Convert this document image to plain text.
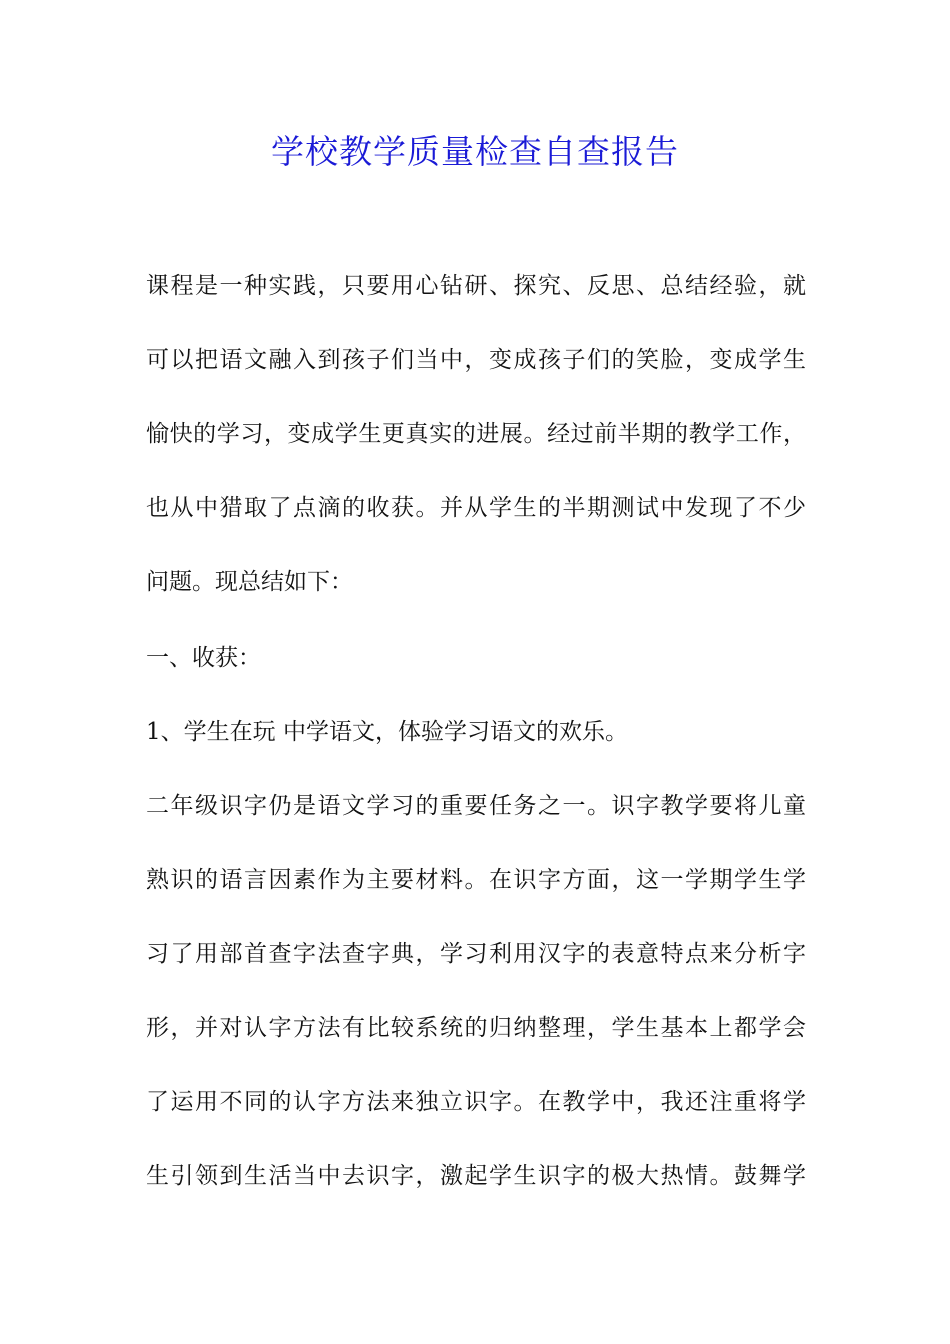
学校教学质量检查自查报告

课程是一种实践，只要用心钻研、探究、反思、总结经验，就

可以把语文融入到孩子们当中，变成孩子们的笑脸，变成学生

愉快的学习，变成学生更真实的进展。经过前半期的教学工作，

也从中猎取了点滴的收获。并从学生的半期测试中发现了不少

问题。现总结如下：

一、收获：

1、学生在玩 中学语文，体验学习语文的欢乐。

二年级识字仍是语文学习的重要任务之一。识字教学要将儿童

熟识的语言因素作为主要材料。在识字方面，这一学期学生学

习了用部首查字法查字典，学习利用汉字的表意特点来分析字

形，并对认字方法有比较系统的归纳整理，学生基本上都学会

了运用不同的认字方法来独立识字。在教学中，我还注重将学

生引领到生活当中去识字，激起学生识字的极大热情。鼓舞学
